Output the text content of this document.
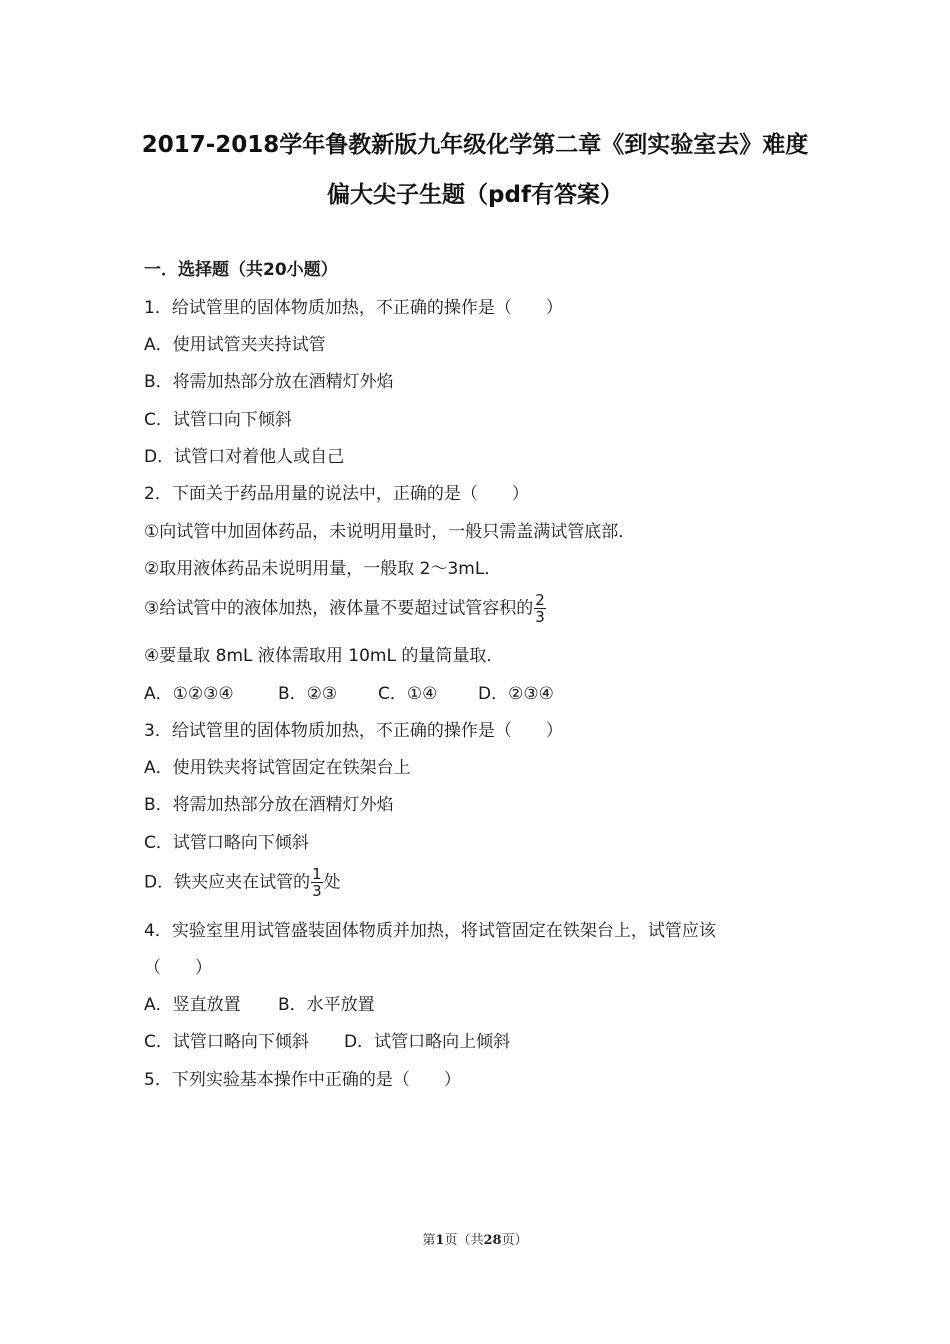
2017-2018学年鲁教新版九年级化学第二章《到实验室去》难度
偏大尖子生题（pdf有答案）
一．选择题（共20小题）
1．给试管里的固体物质加热，不正确的操作是（　　）
A．使用试管夹夹持试管
B．将需加热部分放在酒精灯外焰
C．试管口向下倾斜
D．试管口对着他人或自己
2．下面关于药品用量的说法中，正确的是（　　）
①向试管中加固体药品，未说明用量时，一般只需盖满试管底部．
②取用液体药品未说明用量，一般取 2～3mL．
③给试管中的液体加热，液体量不要超过试管容积的 $\frac{2}{3}$
④要量取 8mL 液体需取用 10mL 的量筒量取．
A．①②③④	B．②③ C．①④ D．②③④
3．给试管里的固体物质加热，不正确的操作是（　　）
A．使用铁夹将试管固定在铁架台上
B．将需加热部分放在酒精灯外焰
C．试管口略向下倾斜
D．铁夹应夹在试管的 $\frac{1}{3}$ 处
4．实验室里用试管盛装固体物质并加热，将试管固定在铁架台上，试管应该
（　　）
A．竖直放置 B．水平放置
C．试管口略向下倾斜 D．试管口略向上倾斜
5．下列实验基本操作中正确的是（　　）
第1页（共28页）
